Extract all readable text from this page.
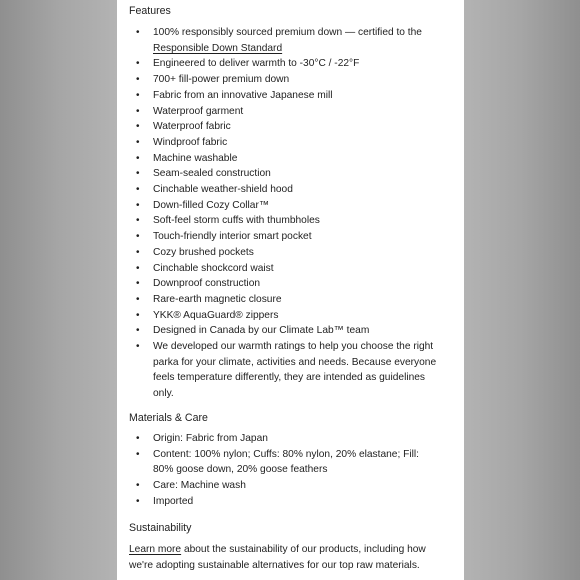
Features
• 100% responsibly sourced premium down — certified to the Responsible Down Standard
• Engineered to deliver warmth to -30°C / -22°F
• 700+ fill-power premium down
• Fabric from an innovative Japanese mill
• Waterproof garment
• Waterproof fabric
• Windproof fabric
• Machine washable
• Seam-sealed construction
• Cinchable weather-shield hood
• Down-filled Cozy Collar™
• Soft-feel storm cuffs with thumbholes
• Touch-friendly interior smart pocket
• Cozy brushed pockets
• Cinchable shockcord waist
• Downproof construction
• Rare-earth magnetic closure
• YKK® AquaGuard® zippers
• Designed in Canada by our Climate Lab™ team
• We developed our warmth ratings to help you choose the right parka for your climate, activities and needs. Because everyone feels temperature differently, they are intended as guidelines only.
Materials & Care
• Origin: Fabric from Japan
• Content: 100% nylon; Cuffs: 80% nylon, 20% elastane; Fill: 80% goose down, 20% goose feathers
• Care: Machine wash
• Imported
Sustainability

Learn more about the sustainability of our products, including how we're adopting sustainable alternatives for our top raw materials.
